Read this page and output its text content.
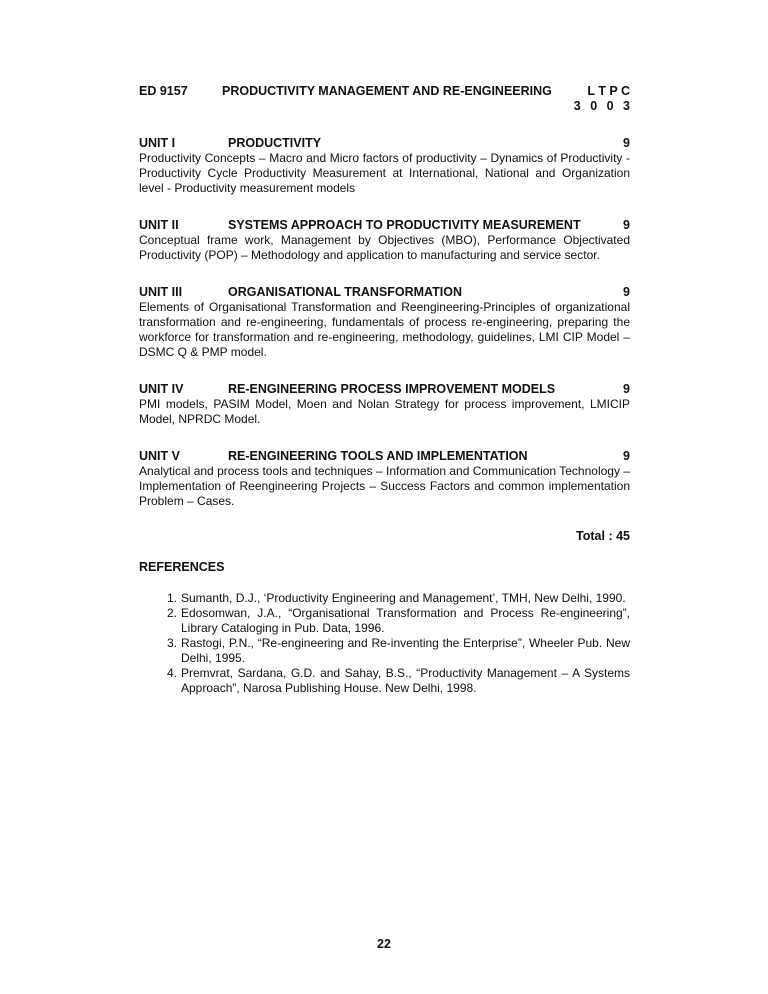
ED 9157	PRODUCTIVITY MANAGEMENT AND RE-ENGINEERING	L T P C
3 0 0 3
UNIT I	PRODUCTIVITY	9

Productivity Concepts – Macro and Micro factors of productivity – Dynamics of Productivity - Productivity Cycle Productivity Measurement at International, National and Organization level - Productivity measurement models

UNIT II	SYSTEMS APPROACH TO PRODUCTIVITY MEASUREMENT	9

Conceptual frame work, Management by Objectives (MBO), Performance Objectivated Productivity (POP) – Methodology and application to manufacturing and service sector.

UNIT III	ORGANISATIONAL TRANSFORMATION	9

Elements of Organisational Transformation and Reengineering-Principles of organizational transformation and re-engineering, fundamentals of process re-engineering, preparing the workforce for transformation and re-engineering, methodology, guidelines, LMI CIP Model – DSMC Q & PMP model.

UNIT IV	RE-ENGINEERING PROCESS IMPROVEMENT MODELS	9

PMI models, PASIM Model, Moen and Nolan Strategy for process improvement, LMICIP Model, NPRDC Model.

UNIT V	RE-ENGINEERING TOOLS AND IMPLEMENTATION	9

Analytical and process tools and techniques – Information and Communication Technology – Implementation of Reengineering Projects – Success Factors and common implementation Problem – Cases.

Total : 45
REFERENCES
1. Sumanth, D.J., ‘Productivity Engineering and Management’, TMH, New Delhi, 1990.
2. Edosomwan, J.A., “Organisational Transformation and Process Re-engineering”, Library Cataloging in Pub. Data, 1996.
3. Rastogi, P.N., “Re-engineering and Re-inventing the Enterprise”, Wheeler Pub. New Delhi, 1995.
4. Premvrat, Sardana, G.D. and Sahay, B.S., “Productivity Management – A Systems Approach”, Narosa Publishing House. New Delhi, 1998.
22
